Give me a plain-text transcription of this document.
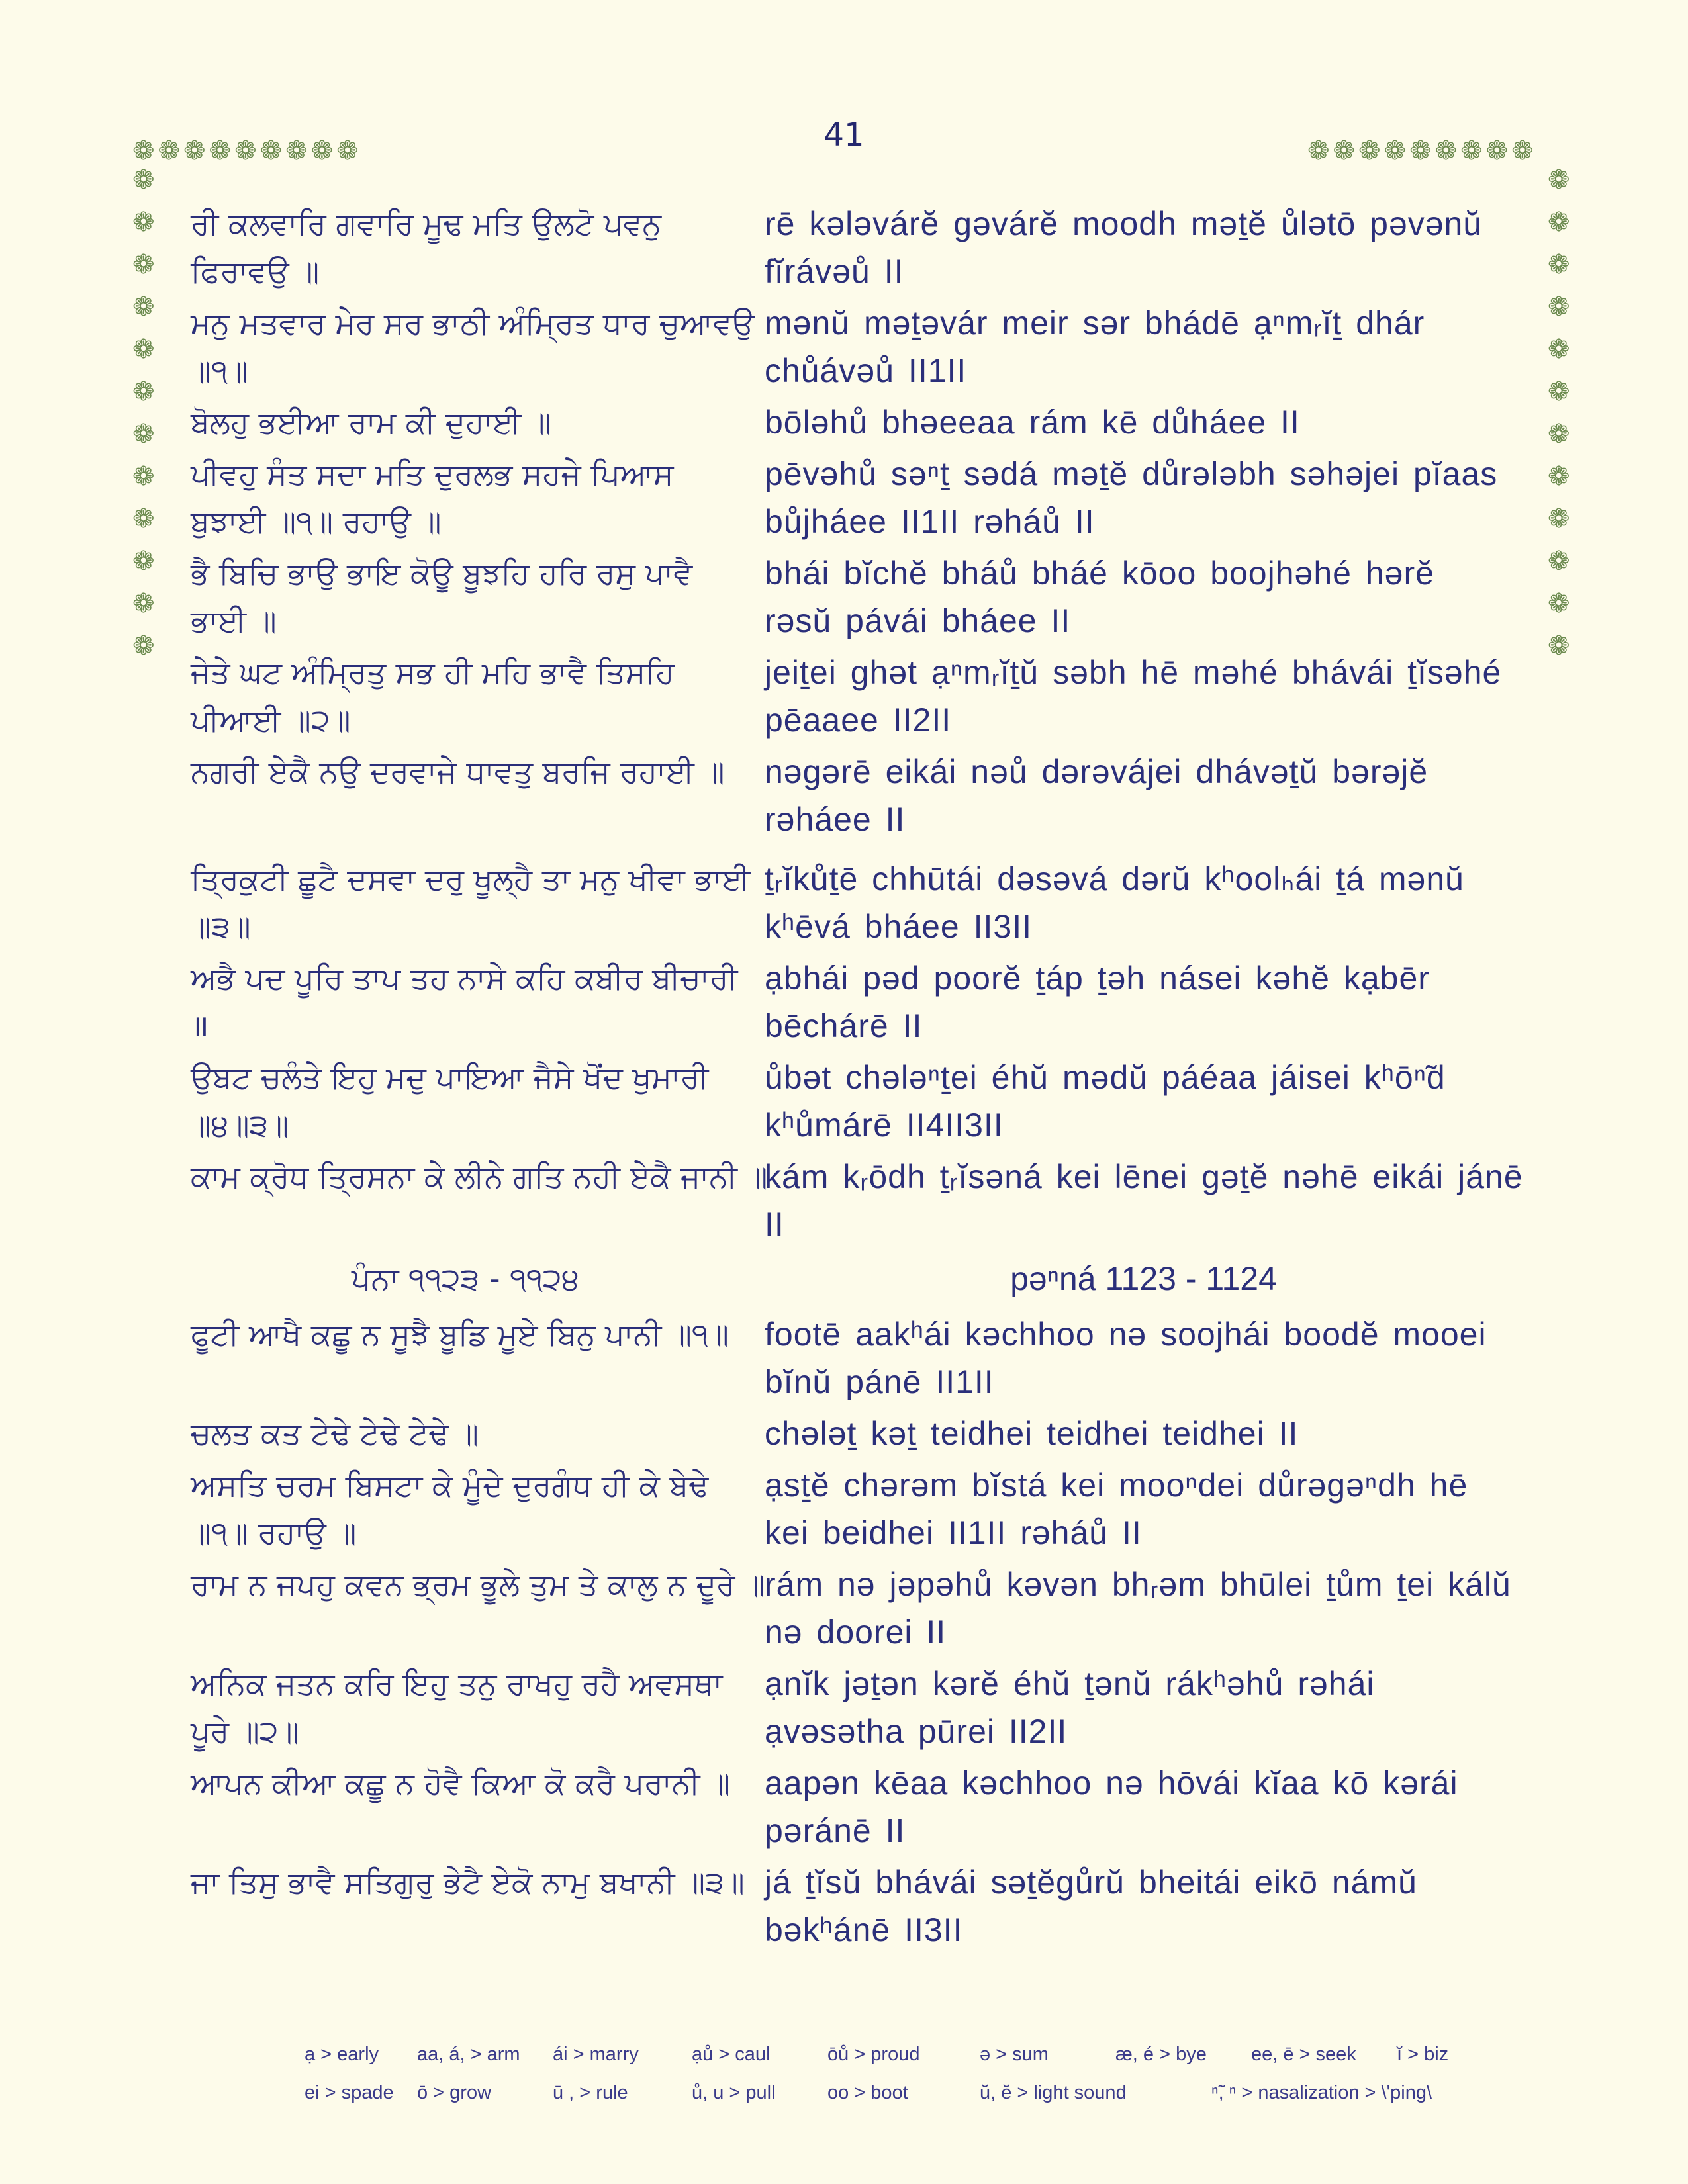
41
❁ ❁ ❁ ❁ ❁ ❁ ❁ ❁ ❁	❁ ❁ ❁ ❁ ❁ ❁ ❁ ❁ ❁
❁
❁
❁
❁
❁
❁
❁
❁
❁
❁
❁
❁
❁
❁
❁
❁
❁
❁
❁
❁
❁
❁
❁
❁
ਰੀ ਕਲਵਾਰਿ ਗਵਾਰਿ ਮੂਢ ਮਤਿ ਉਲਟੋ ਪਵਨੁ
ਫਿਰਾਵਉ ॥
rē kələvárĕ gəvárĕ moodh məṯĕ ůlətō pəvənŭ
fĭrávəů II
ਮਨੁ ਮਤਵਾਰ ਮੇਰ ਸਰ ਭਾਠੀ ਅੰਮ੍ਰਿਤ ਧਾਰ ਚੁਆਵਉ
॥੧॥
mənŭ məṯəvár meir sər bhádē ạⁿmᵣĭṯ dhár
chůávəů II1II
ਬੋਲਹੁ ਭਈਆ ਰਾਮ ਕੀ ਦੁਹਾਈ ॥	bōləhů bhəeeaa rám kē důháee II
ਪੀਵਹੁ ਸੰਤ ਸਦਾ ਮਤਿ ਦੁਰਲਭ ਸਹਜੇ ਪਿਆਸ
ਬੁਝਾਈ ॥੧॥ ਰਹਾਉ ॥
pēvəhů səⁿṯ sədá məṯĕ důrələbh səhəjei pĭaas
bůjháee II1II rəháů II
ਭੈ ਬਿਚਿ ਭਾਉ ਭਾਇ ਕੋਊ ਬੂਝਹਿ ਹਰਿ ਰਸੁ ਪਾਵੈ
ਭਾਈ ॥
bhái bĭchĕ bháů bháé kōoo boojhəhé hərĕ
rəsŭ pávái bháee II
ਜੇਤੇ ਘਟ ਅੰਮ੍ਰਿਤੁ ਸਭ ਹੀ ਮਹਿ ਭਾਵੈ ਤਿਸਹਿ
ਪੀਆਈ ॥੨॥
jeiṯei ghət ạⁿmᵣĭṯŭ səbh hē məhé bhávái ṯĭsəhé
pēaaee II2II
ਨਗਰੀ ਏਕੈ ਨਉ ਦਰਵਾਜੇ ਧਾਵਤੁ ਬਰਜਿ ਰਹਾਈ ॥	nəgərē eikái nəů dərəvájei dhávəṯŭ bərəjĕ
rəháee II
ਤ੍ਰਿਕੁਟੀ ਛੂਟੈ ਦਸਵਾ ਦਰੁ ਖੂਲ੍ਹੈ ਤਾ ਮਨੁ ਖੀਵਾ ਭਾਈ
॥੩॥
ṯᵣĭkůṯē chhūtái dəsəvá dərŭ kʰoolₕái ṯá mənŭ
kʰēvá bháee II3II
ਅਭੈ ਪਦ ਪੂਰਿ ਤਾਪ ਤਹ ਨਾਸੇ ਕਹਿ ਕਬੀਰ ਬੀਚਾਰੀ
॥
ạbhái pəd poorĕ ṯáp ṯəh násei kəhĕ kạbēr
bēchárē II
ਉਬਟ ਚਲੰਤੇ ਇਹੁ ਮਦੁ ਪਾਇਆ ਜੈਸੇ ਖੋਂਦ ਖੁਮਾਰੀ
॥੪॥੩॥
ůbət chələⁿṯei éhŭ mədŭ páéaa jáisei kʰōⁿ̃d
kʰůmárē II4II3II
ਕਾਮ ਕ੍ਰੋਧ ਤ੍ਰਿਸਨਾ ਕੇ ਲੀਨੇ ਗਤਿ ਨਹੀ ਏਕੈ ਜਾਨੀ ॥
kám kᵣōdh ṯᵣĭsəná kei lēnei gəṯĕ nəhē eikái jánē
II
ਪੰਨਾ ੧੧੨੩ - ੧੧੨੪	pəⁿná 1123 - 1124
ਫੂਟੀ ਆਖੈ ਕਛੂ ਨ ਸੂਝੈ ਬੂਡਿ ਮੂਏ ਬਿਨੁ ਪਾਨੀ ॥੧॥	footē aakʰái kəchhoo nə soojhái boodĕ mooei
bĭnŭ pánē II1II
ਚਲਤ ਕਤ ਟੇਢੇ ਟੇਢੇ ਟੇਢੇ ॥	chələṯ kəṯ teidhei teidhei teidhei II
ਅਸਤਿ ਚਰਮ ਬਿਸਟਾ ਕੇ ਮੂੰਦੇ ਦੁਰਗੰਧ ਹੀ ਕੇ ਬੇਢੇ
॥੧॥ ਰਹਾਉ ॥
ạsṯĕ chərəm bĭstá kei mooⁿdei důrəgəⁿdh hē
kei beidhei II1II rəháů II
ਰਾਮ ਨ ਜਪਹੁ ਕਵਨ ਭ੍ਰਮ ਭੂਲੇ ਤੁਮ ਤੇ ਕਾਲੁ ਨ ਦੂਰੇ ॥
rám nə jəpəhů kəvən bhᵣəm bhūlei ṯům ṯei kálŭ
nə doorei II
ਅਨਿਕ ਜਤਨ ਕਰਿ ਇਹੁ ਤਨੁ ਰਾਖਹੁ ਰਹੈ ਅਵਸਥਾ
ਪੂਰੇ ॥੨॥
ạnĭk jəṯən kərĕ éhŭ ṯənŭ rákʰəhů rəhái
ạvəsətha pūrei II2II
ਆਪਨ ਕੀਆ ਕਛੂ ਨ ਹੋਵੈ ਕਿਆ ਕੋ ਕਰੈ ਪਰਾਨੀ ॥ aapən kēaa kəchhoo nə hōvái kĭaa kō kərái
pəránē II
ਜਾ ਤਿਸੁ ਭਾਵੈ ਸਤਿਗੁਰੁ ਭੇਟੈ ਏਕੋ ਨਾਮੁ ਬਖਾਨੀ ॥੩॥ já ṯĭsŭ bhávái səṯĕgůrŭ bheitái eikō námŭ
bəkʰánē II3II
ạ > early aa, á, > arm ái > marry	ạů > caul	ōů > proud	ə > sum	æ, é > bye ee, ē > seek ĭ > biz
ei > spade ō > grow	ū , > rule	ů, u > pull	oo > boot	ŭ, ĕ > light sound	ⁿ̃, ⁿ > nasalization > \'ping\
